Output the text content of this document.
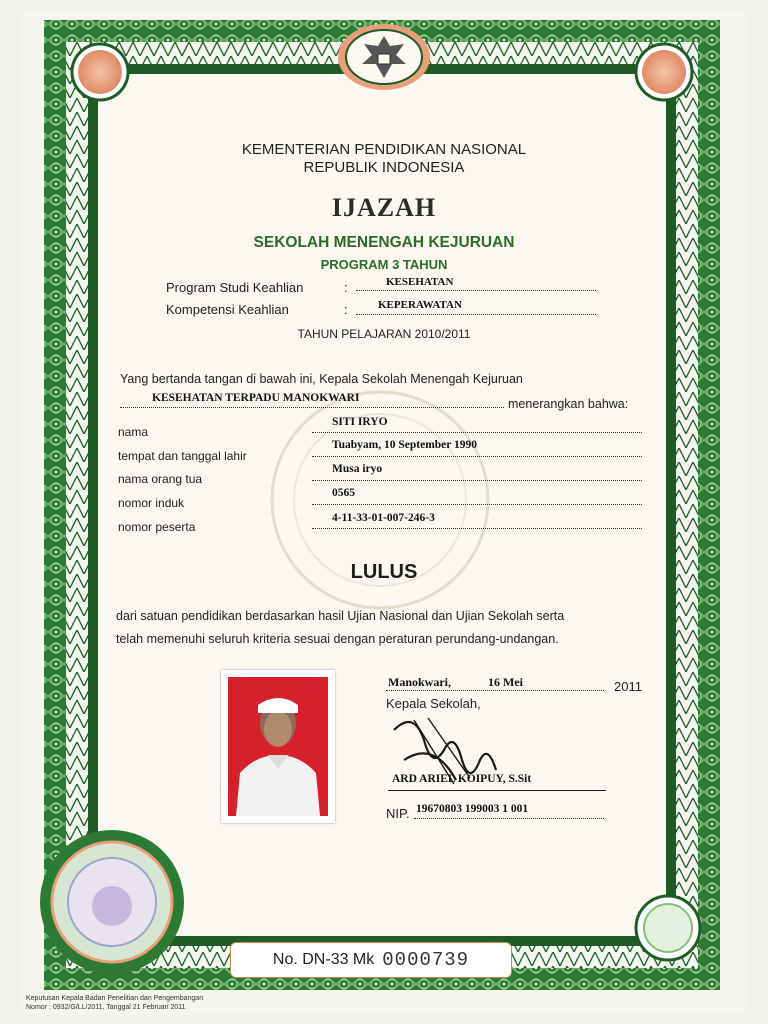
KEMENTERIAN PENDIDIKAN NASIONAL
REPUBLIK INDONESIA
IJAZAH
SEKOLAH MENENGAH KEJURUAN
PROGRAM 3 TAHUN
Program Studi Keahlian	:	KESEHATAN
Kompetensi Keahlian	:	KEPERAWATAN
TAHUN PELAJARAN 2010/2011
Yang bertanda tangan di bawah ini, Kepala Sekolah Menengah Kejuruan
KESEHATAN TERPADU MANOKWARI	menerangkan bahwa:
nama
SITI IRYO
tempat dan tanggal lahir
Tuabyam, 10 September 1990
nama orang tua
Musa iryo
nomor induk
0565
nomor peserta
4-11-33-01-007-246-3
LULUS
dari satuan pendidikan berdasarkan hasil Ujian Nasional dan Ujian Sekolah serta
telah memenuhi seluruh kriteria sesuai dengan peraturan perundang-undangan.
Manokwari,	16 Mei	2011
Kepala Sekolah,
ARD ARIEL KOIPUY, S.Sit
NIP. 19670803 199003 1 001
No. DN-33 Mk 0000739
Keputusan Kepala Badan Penelitian dan Pengembangan
Nomor : 0932/G/LL/2011, Tanggal 21 Februari 2011
